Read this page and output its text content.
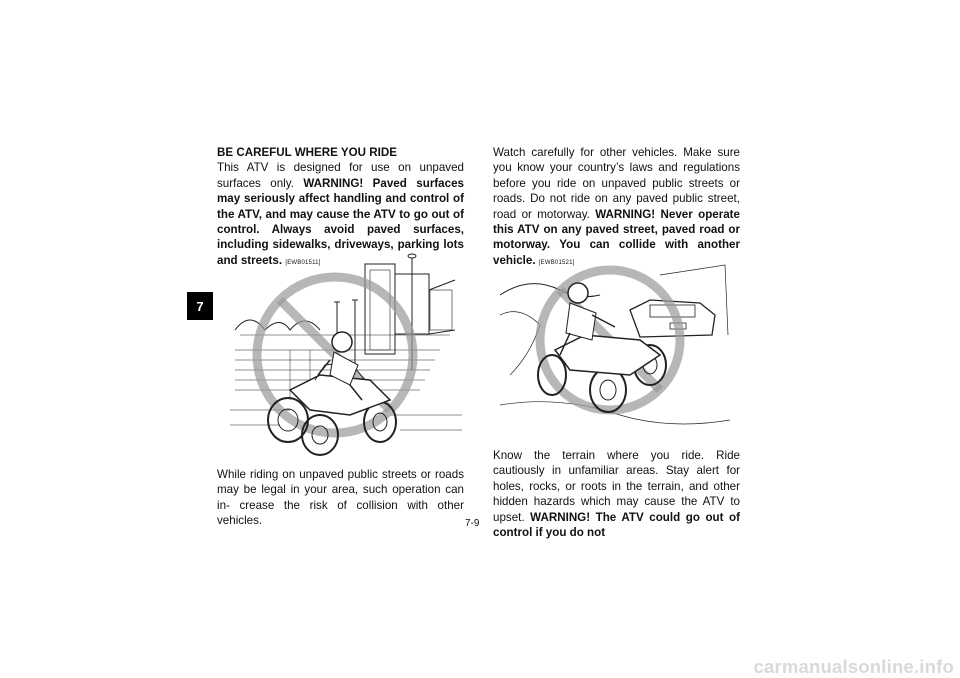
7

BE CAREFUL WHERE YOU RIDE
This ATV is designed for use on unpaved surfaces only. WARNING! Paved surfaces may seriously affect handling and control of the ATV, and may cause the ATV to go out of control. Always avoid paved surfaces, including sidewalks, driveways, parking lots and streets. [EWB01511]

While riding on unpaved public streets or roads may be legal in your area, such operation can in- crease the risk of collision with other vehicles.

Watch carefully for other vehicles. Make sure you know your country’s laws and regulations before you ride on unpaved public streets or roads. Do not ride on any paved public street, road or motorway. WARNING! Never operate this ATV on any paved street, paved road or motorway. You can collide with another vehicle. [EWB01521]

Know the terrain where you ride. Ride cautiously in unfamiliar areas. Stay alert for holes, rocks, or roots in the terrain, and other hidden hazards which may cause the ATV to upset. WARNING! The ATV could go out of control if you do not
7-9
carmanualsonline.info
